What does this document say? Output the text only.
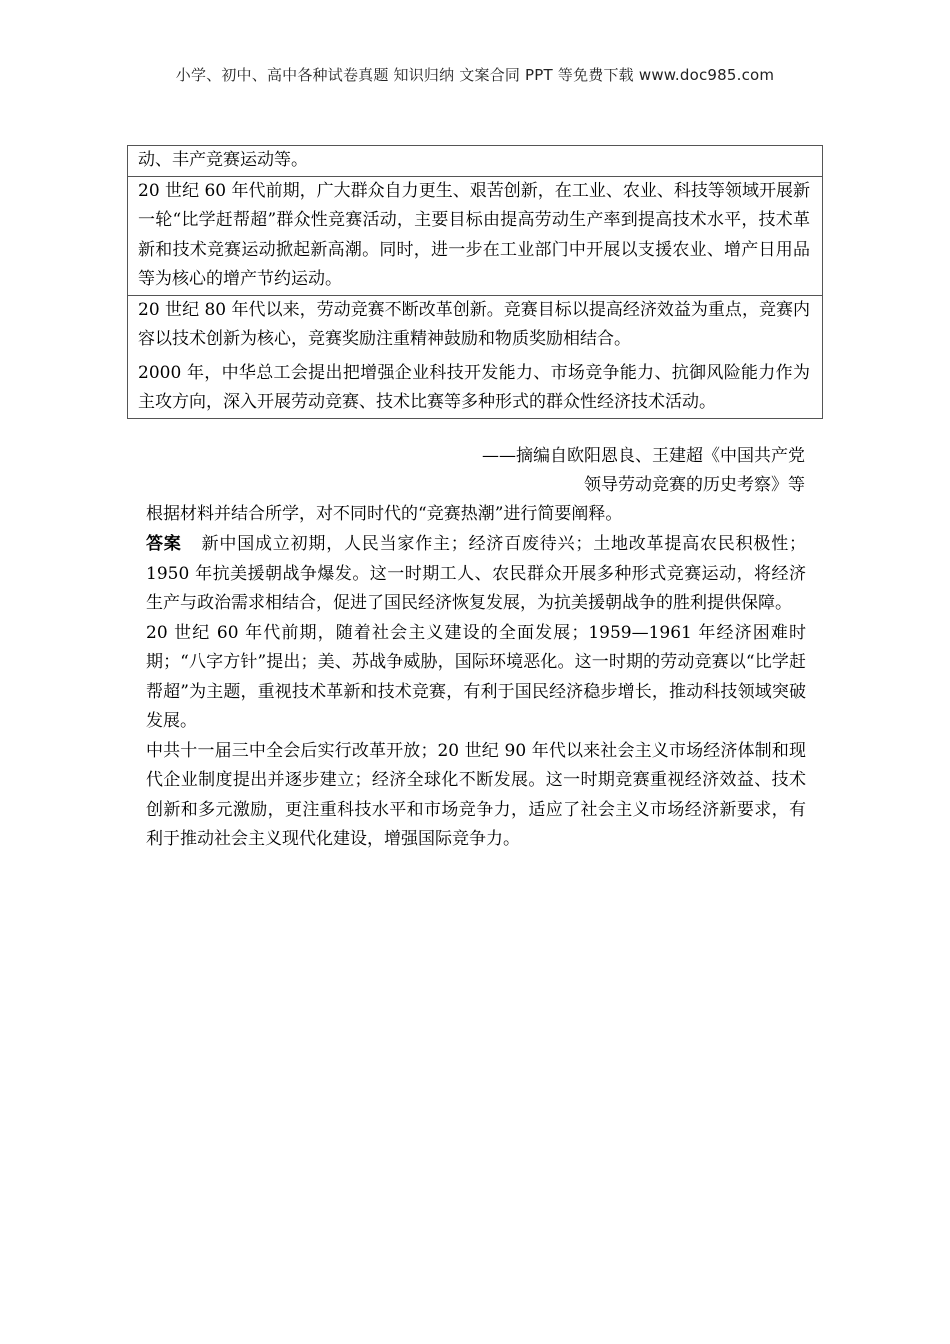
小学、初中、高中各种试卷真题 知识归纳 文案合同 PPT 等免费下载 www.doc985.com

动、丰产竞赛运动等。

20 世纪 60 年代前期，广大群众自力更生、艰苦创新，在工业、农业、科技等领域开展新一轮“比学赶帮超”群众性竞赛活动，主要目标由提高劳动生产率到提高技术水平，技术革新和技术竞赛运动掀起新高潮。同时，进一步在工业部门中开展以支援农业、增产日用品等为核心的增产节约运动。

20 世纪 80 年代以来，劳动竞赛不断改革创新。竞赛目标以提高经济效益为重点，竞赛内容以技术创新为核心，竞赛奖励注重精神鼓励和物质奖励相结合。

2000 年，中华总工会提出把增强企业科技开发能力、市场竞争能力、抗御风险能力作为主攻方向，深入开展劳动竞赛、技术比赛等多种形式的群众性经济技术活动。

——摘编自欧阳恩良、王建超《中国共产党
领导劳动竞赛的历史考察》等
根据材料并结合所学，对不同时代的“竞赛热潮”进行简要阐释。

答案 新中国成立初期，人民当家作主；经济百废待兴；土地改革提高农民积极性；1950 年抗美援朝战争爆发。这一时期工人、农民群众开展多种形式竞赛运动，将经济生产与政治需求相结合，促进了国民经济恢复发展，为抗美援朝战争的胜利提供保障。

20 世纪 60 年代前期，随着社会主义建设的全面发展；1959—1961 年经济困难时期；“八字方针”提出；美、苏战争威胁，国际环境恶化。这一时期的劳动竞赛以“比学赶帮超”为主题，重视技术革新和技术竞赛，有利于国民经济稳步增长，推动科技领域突破发展。

中共十一届三中全会后实行改革开放；20 世纪 90 年代以来社会主义市场经济体制和现代企业制度提出并逐步建立；经济全球化不断发展。这一时期竞赛重视经济效益、技术创新和多元激励，更注重科技水平和市场竞争力，适应了社会主义市场经济新要求，有利于推动社会主义现代化建设，增强国际竞争力。
